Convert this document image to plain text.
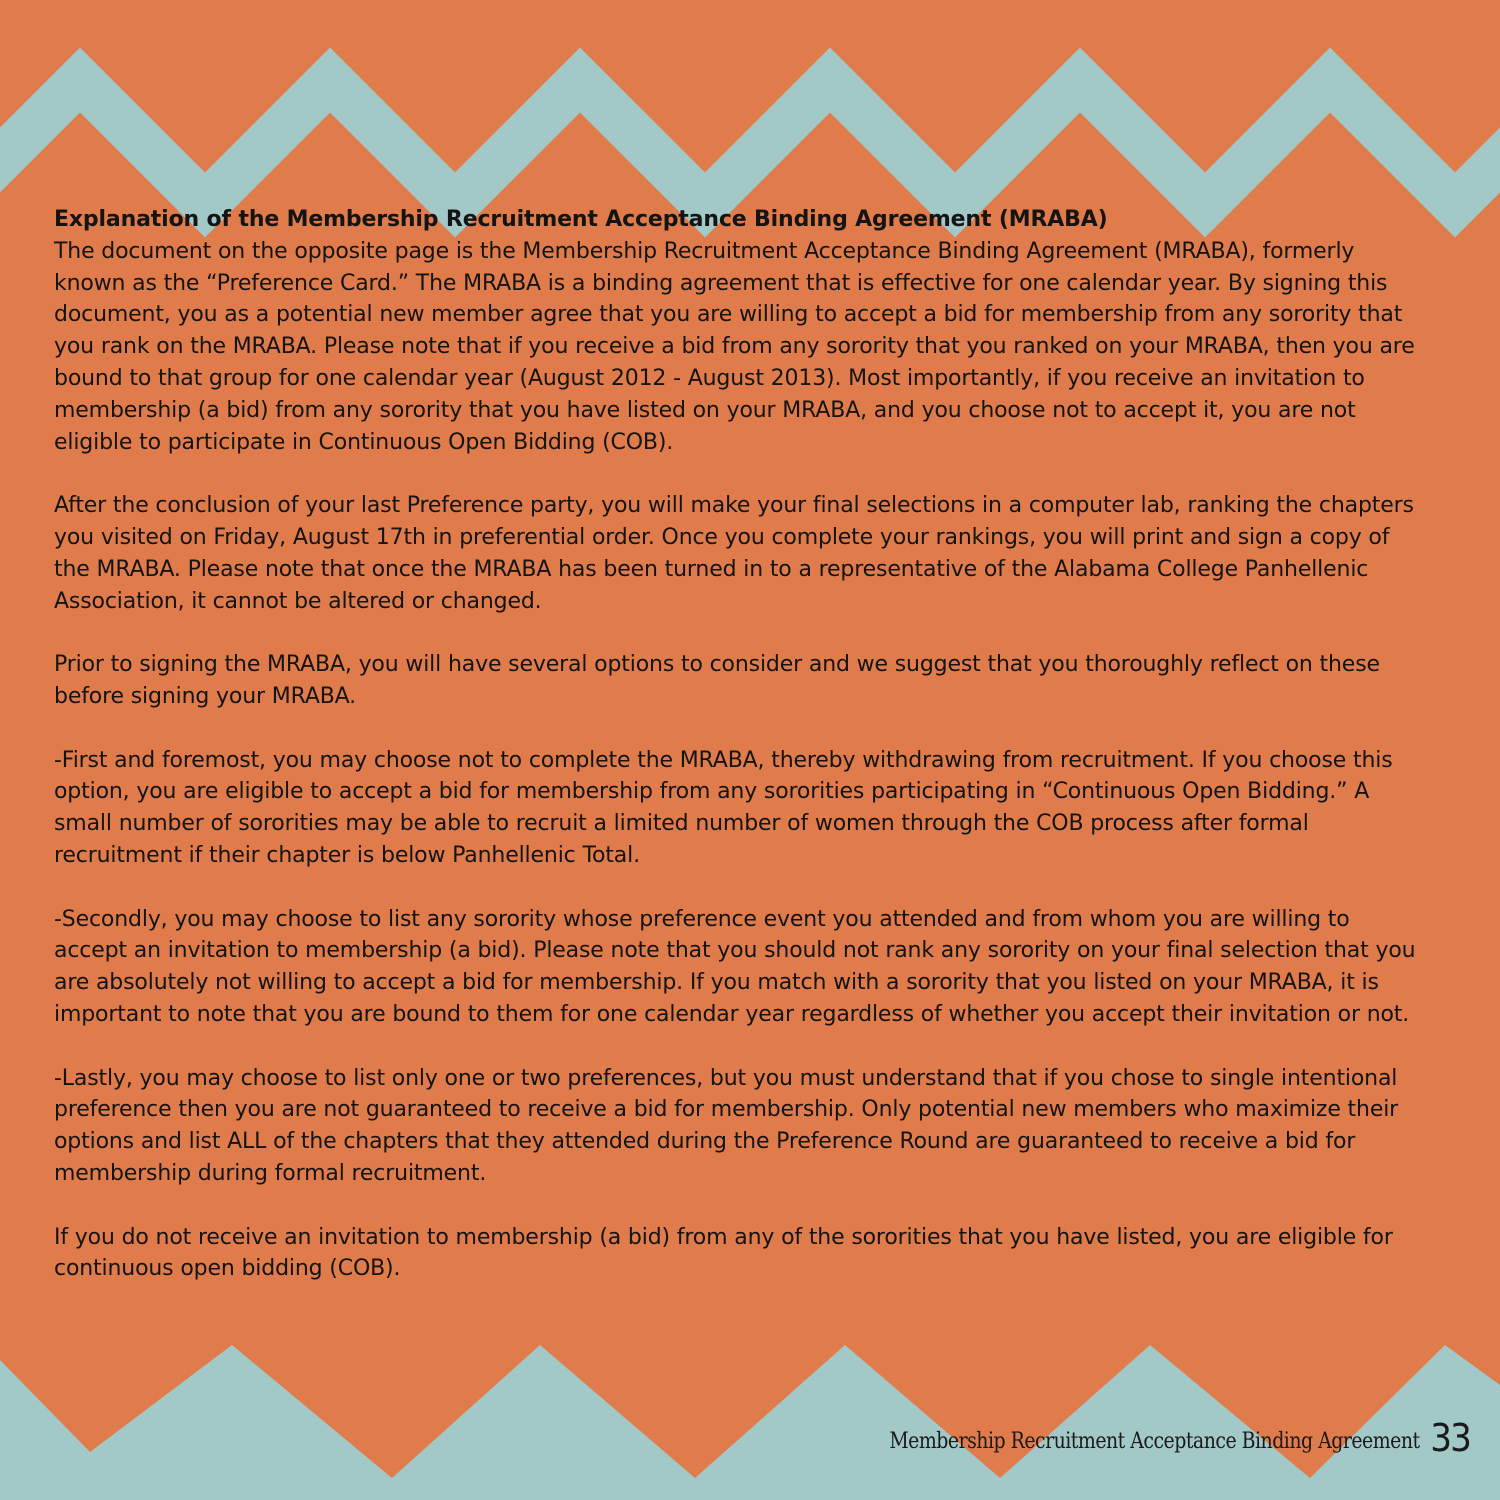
Explanation of the Membership Recruitment Acceptance Binding Agreement (MRABA)

The document on the opposite page is the Membership Recruitment Acceptance Binding Agreement (MRABA), formerly known as the “Preference Card.” The MRABA is a binding agreement that is effective for one calendar year. By signing this document, you as a potential new member agree that you are willing to accept a bid for membership from any sorority that you rank on the MRABA. Please note that if you receive a bid from any sorority that you ranked on your MRABA, then you are bound to that group for one calendar year (August 2012 - August 2013). Most importantly, if you receive an invitation to membership (a bid) from any sorority that you have listed on your MRABA, and you choose not to accept it, you are not eligible to participate in Continuous Open Bidding (COB).

After the conclusion of your last Preference party, you will make your final selections in a computer lab, ranking the chapters you visited on Friday, August 17th in preferential order. Once you complete your rankings, you will print and sign a copy of the MRABA. Please note that once the MRABA has been turned in to a representative of the Alabama College Panhellenic Association, it cannot be altered or changed.

Prior to signing the MRABA, you will have several options to consider and we suggest that you thoroughly reflect on these before signing your MRABA.

-First and foremost, you may choose not to complete the MRABA, thereby withdrawing from recruitment. If you choose this option, you are eligible to accept a bid for membership from any sororities participating in “Continuous Open Bidding.” A small number of sororities may be able to recruit a limited number of women through the COB process after formal recruitment if their chapter is below Panhellenic Total.

-Secondly, you may choose to list any sorority whose preference event you attended and from whom you are willing to accept an invitation to membership (a bid). Please note that you should not rank any sorority on your final selection that you are absolutely not willing to accept a bid for membership. If you match with a sorority that you listed on your MRABA, it is important to note that you are bound to them for one calendar year regardless of whether you accept their invitation or not.

-Lastly, you may choose to list only one or two preferences, but you must understand that if you chose to single intentional preference then you are not guaranteed to receive a bid for membership. Only potential new members who maximize their options and list ALL of the chapters that they attended during the Preference Round are guaranteed to receive a bid for membership during formal recruitment.

If you do not receive an invitation to membership (a bid) from any of the sororities that you have listed, you are eligible for continuous open bidding (COB).

Membership Recruitment Acceptance Binding Agreement 33
